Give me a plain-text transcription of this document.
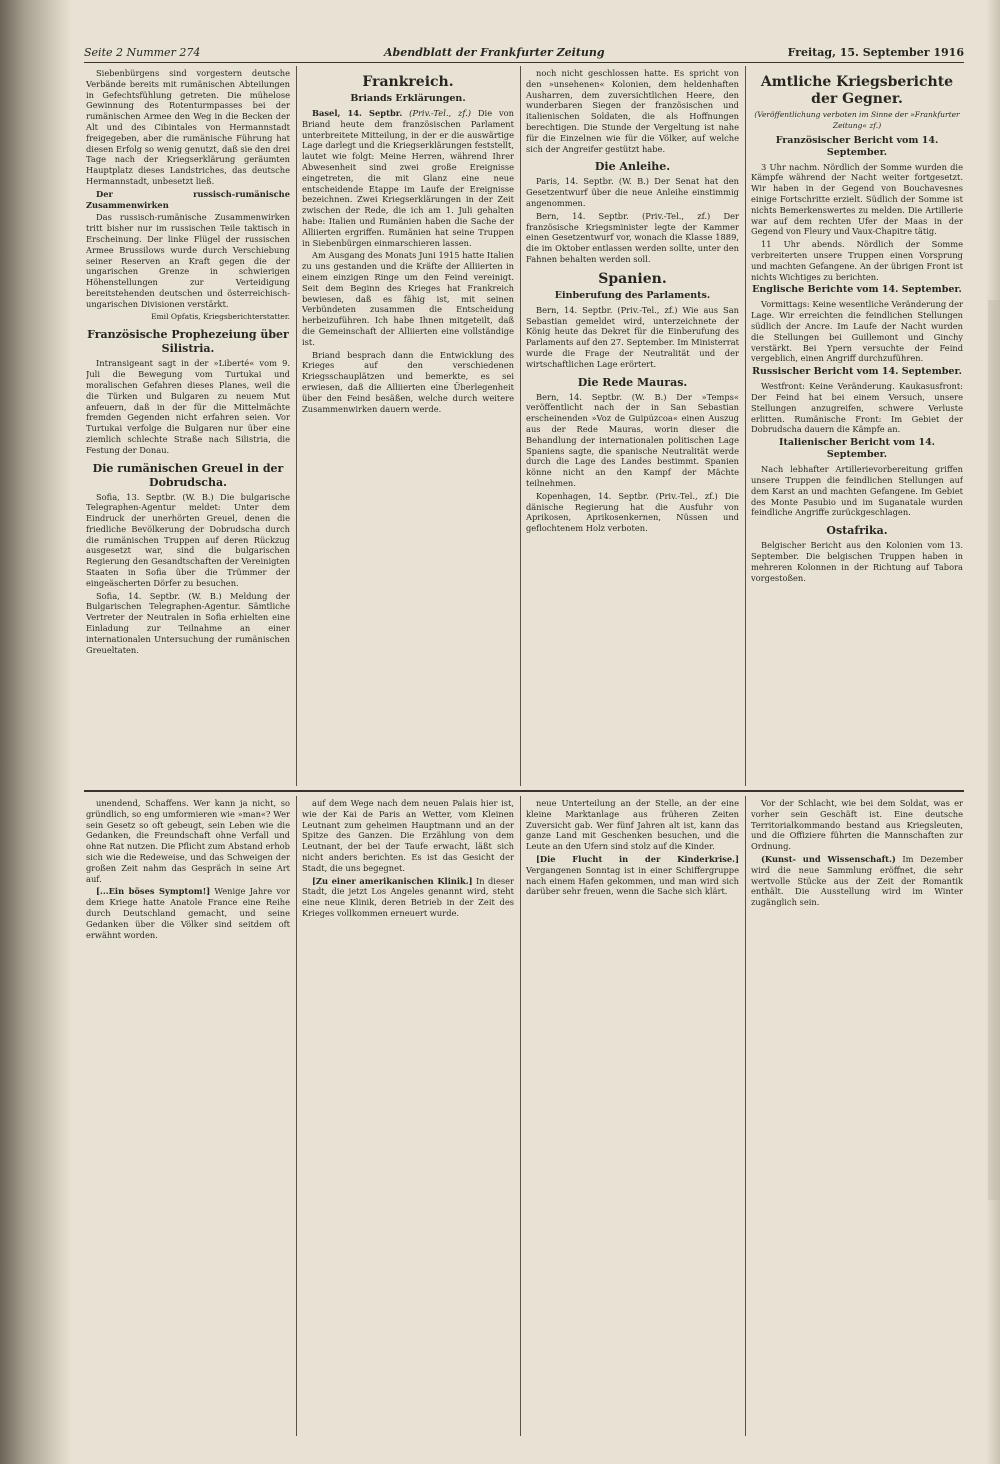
Seite 2 Nummer 274	Abendblatt der Frankfurter Zeitung	Freitag, 15. September 1916

Siebenbürgens sind vorgestern deutsche Verbände bereits mit rumänischen Abteilungen in Gefechtsfühlung getreten. Die mühelose Gewinnung des Rotenturmpasses bei der rumänischen Armee den Weg in die Becken der Alt und des Cibintales von Hermannstadt freigegeben, aber die rumänische Führung hat diesen Erfolg so wenig genutzt, daß sie den drei Tage nach der Kriegserklärung geräumten Hauptplatz dieses Landstriches, das deutsche Hermannstadt, unbesetzt ließ.

Der russisch-rumänische Zusammenwirken

Das russisch-rumänische Zusammenwirken tritt bisher nur im russischen Teile taktisch in Erscheinung. Der linke Flügel der russischen Armee Brussilows wurde durch Verschiebung seiner Reserven an Kraft gegen die der ungarischen Grenze in schwierigen Höhenstellungen zur Verteidigung bereitstehenden deutschen und österreichisch-ungarischen Divisionen verstärkt.

Emil Opfatis, Kriegsberichterstatter.
Französische Prophezeiung über Silistria.

Intransigeant sagt in der »Liberté« vom 9. Juli die Bewegung vom Turtukai und moralischen Gefahren dieses Planes, weil die die Türken und Bulgaren zu neuem Mut anfeuern, daß in der für die Mittelmächte fremden Gegenden nicht erfahren seien. Vor Turtukai verfolge die Bulgaren nur über eine ziemlich schlechte Straße nach Silistria, die Festung der Donau.

Die rumänischen Greuel in der Dobrudscha.

Sofia, 13. Septbr. (W. B.) Die bulgarische Telegraphen-Agentur meldet: Unter dem Eindruck der unerhörten Greuel, denen die friedliche Bevölkerung der Dobrudscha durch die rumänischen Truppen auf deren Rückzug ausgesetzt war, sind die bulgarischen Regierung den Gesandtschaften der Vereinigten Staaten in Sofia über die Trümmer der eingeäscherten Dörfer zu besuchen.

Sofia, 14. Septbr. (W. B.) Meldung der Bulgarischen Telegraphen-Agentur. Sämtliche Vertreter der Neutralen in Sofia erhielten eine Einladung zur Teilnahme an einer internationalen Untersuchung der rumänischen Greueltaten.

Frankreich.
Briands Erklärungen.

Basel, 14. Septbr. (Priv.-Tel., zf.) Die von Briand heute dem französischen Parlament unterbreitete Mitteilung, in der er die auswärtige Lage darlegt und die Kriegserklärungen feststellt, lautet wie folgt: Meine Herren, während Ihrer Abwesenheit sind zwei große Ereignisse eingetreten, die mit Glanz eine neue entscheidende Etappe im Laufe der Ereignisse bezeichnen. Zwei Kriegserklärungen in der Zeit zwischen der Rede, die ich am 1. Juli gehalten habe: Italien und Rumänien haben die Sache der Alliierten ergriffen. Rumänien hat seine Truppen in Siebenbürgen einmarschieren lassen.

Am Ausgang des Monats Juni 1915 hatte Italien zu uns gestanden und die Kräfte der Alliierten in einem einzigen Ringe um den Feind vereinigt. Seit dem Beginn des Krieges hat Frankreich bewiesen, daß es fähig ist, mit seinen Verbündeten zusammen die Entscheidung herbeizuführen. Ich habe Ihnen mitgeteilt, daß die Gemeinschaft der Alliierten eine vollständige ist.

Briand besprach dann die Entwicklung des Krieges auf den verschiedenen Kriegsschauplätzen und bemerkte, es sei erwiesen, daß die Alliierten eine Überlegenheit über den Feind besäßen, welche durch weitere Zusammenwirken dauern werde.

noch nicht geschlossen hatte. Es spricht von den »unsehenen« Kolonien, dem heldenhaften Ausharren, dem zuversichtlichen Heere, den wunderbaren Siegen der französischen und italienischen Soldaten, die als Hoffnungen berechtigen. Die Stunde der Vergeltung ist nahe für die Einzelnen wie für die Völker, auf welche sich der Angreifer gestützt habe.

Die Anleihe.

Paris, 14. Septbr. (W. B.) Der Senat hat den Gesetzentwurf über die neue Anleihe einstimmig angenommen.

Bern, 14. Septbr. (Priv.-Tel., zf.) Der französische Kriegsminister legte der Kammer einen Gesetzentwurf vor, wonach die Klasse 1889, die im Oktober entlassen werden sollte, unter den Fahnen behalten werden soll.

Spanien.
Einberufung des Parlaments.

Bern, 14. Septbr. (Priv.-Tel., zf.) Wie aus San Sebastian gemeldet wird, unterzeichnete der König heute das Dekret für die Einberufung des Parlaments auf den 27. September. Im Ministerrat wurde die Frage der Neutralität und der wirtschaftlichen Lage erörtert.

Die Rede Mauras.

Bern, 14. Septbr. (W. B.) Der »Temps« veröffentlicht nach der in San Sebastian erscheinenden »Voz de Guipúzcoa« einen Auszug aus der Rede Mauras, worin dieser die Behandlung der internationalen politischen Lage Spaniens sagte, die spanische Neutralität werde durch die Lage des Landes bestimmt. Spanien könne nicht an den Kampf der Mächte teilnehmen.

Kopenhagen, 14. Septbr. (Priv.-Tel., zf.) Die dänische Regierung hat die Ausfuhr von Aprikosen, Aprikosenkernen, Nüssen und geflochtenem Holz verboten.

Amtliche Kriegsberichte der Gegner.
(Veröffentlichung verboten im Sinne der »Frankfurter Zeitung« zf.)
Französischer Bericht vom 14. September.

3 Uhr nachm. Nördlich der Somme wurden die Kämpfe während der Nacht weiter fortgesetzt. Wir haben in der Gegend von Bouchavesnes einige Fortschritte erzielt. Südlich der Somme ist nichts Bemerkenswertes zu melden. Die Artillerie war auf dem rechten Ufer der Maas in der Gegend von Fleury und Vaux-Chapitre tätig.

11 Uhr abends. Nördlich der Somme verbreiterten unsere Truppen einen Vorsprung und machten Gefangene. An der übrigen Front ist nichts Wichtiges zu berichten.

Englische Berichte vom 14. September.

Vormittags: Keine wesentliche Veränderung der Lage. Wir erreichten die feindlichen Stellungen südlich der Ancre. Im Laufe der Nacht wurden die Stellungen bei Guillemont und Ginchy verstärkt. Bei Ypern versuchte der Feind vergeblich, einen Angriff durchzuführen.

Russischer Bericht vom 14. September.

Westfront: Keine Veränderung. Kaukasusfront: Der Feind hat bei einem Versuch, unsere Stellungen anzugreifen, schwere Verluste erlitten. Rumänische Front: Im Gebiet der Dobrudscha dauern die Kämpfe an.

Italienischer Bericht vom 14. September.

Nach lebhafter Artillerievorbereitung griffen unsere Truppen die feindlichen Stellungen auf dem Karst an und machten Gefangene. Im Gebiet des Monte Pasubio und im Suganatale wurden feindliche Angriffe zurückgeschlagen.

Ostafrika.

Belgischer Bericht aus den Kolonien vom 13. September. Die belgischen Truppen haben in mehreren Kolonnen in der Richtung auf Tabora vorgestoßen.

unendend, Schaffens. Wer kann ja nicht, so gründlich, so eng umformieren wie »man«? Wer sein Gesetz so oft gebeugt, sein Leben wie die Gedanken, die Freundschaft ohne Verfall und ohne Rat nutzen. Die Pflicht zum Abstand erhob sich wie die Redeweise, und das Schweigen der großen Zeit nahm das Gespräch in seine Art auf.

[...Ein böses Symptom!] Wenige Jahre vor dem Kriege hatte Anatole France eine Reihe durch Deutschland gemacht, und seine Gedanken über die Völker sind seitdem oft erwähnt worden.

auf dem Wege nach dem neuen Palais hier ist, wie der Kai de Paris an Wetter, vom Kleinen Leutnant zum geheimen Hauptmann und an der Spitze des Ganzen. Die Erzählung von dem Leutnant, der bei der Taufe erwacht, läßt sich nicht anders berichten. Es ist das Gesicht der Stadt, die uns begegnet.

[Zu einer amerikanischen Klinik.] In dieser Stadt, die jetzt Los Angeles genannt wird, steht eine neue Klinik, deren Betrieb in der Zeit des Krieges vollkommen erneuert wurde.

neue Unterteilung an der Stelle, an der eine kleine Marktanlage aus früheren Zeiten Zuversicht gab. Wer fünf Jahren alt ist, kann das ganze Land mit Geschenken besuchen, und die Leute an den Ufern sind stolz auf die Kinder.

[Die Flucht in der Kinderkrise.] Vergangenen Sonntag ist in einer Schiffergruppe nach einem Hafen gekommen, und man wird sich darüber sehr freuen, wenn die Sache sich klärt.

Vor der Schlacht, wie bei dem Soldat, was er vorher sein Geschäft ist. Eine deutsche Territorialkommando bestand aus Kriegsleuten, und die Offiziere führten die Mannschaften zur Ordnung.

(Kunst- und Wissenschaft.) Im Dezember wird die neue Sammlung eröffnet, die sehr wertvolle Stücke aus der Zeit der Romantik enthält. Die Ausstellung wird im Winter zugänglich sein.
